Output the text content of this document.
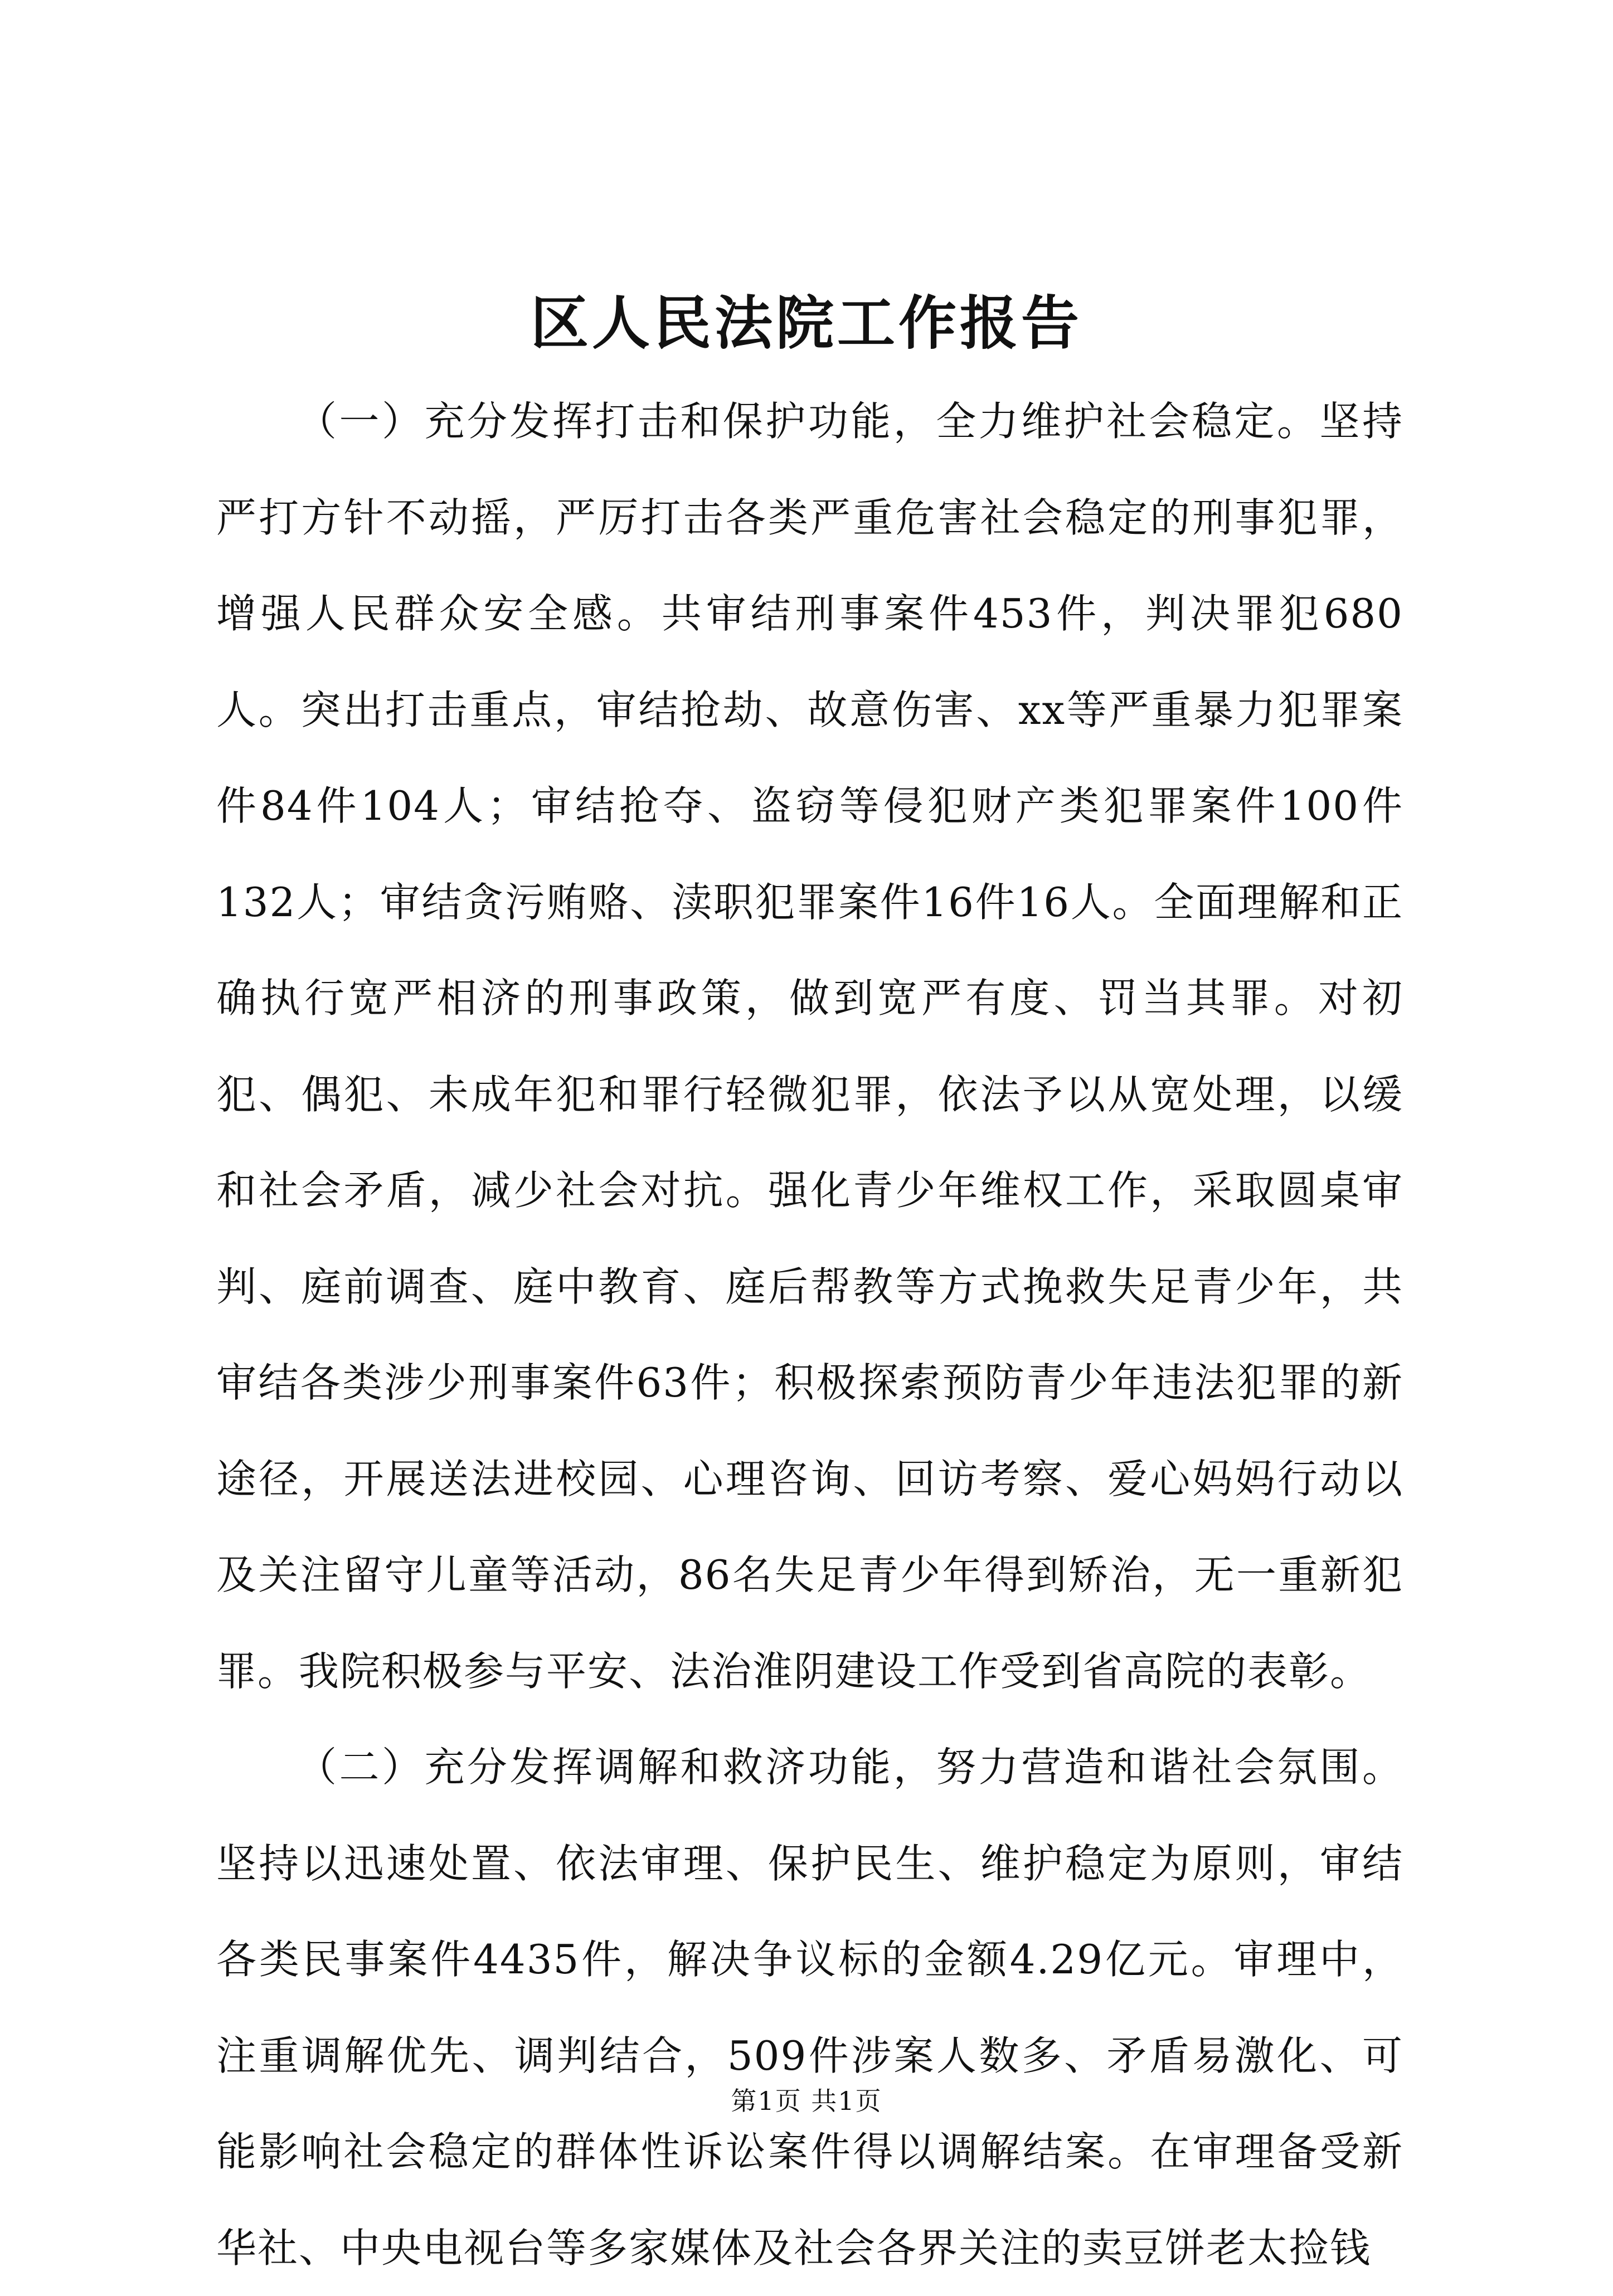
区人民法院工作报告

（一）充分发挥打击和保护功能，全力维护社会稳定。坚持严打方针不动摇，严厉打击各类严重危害社会稳定的刑事犯罪，增强人民群众安全感。共审结刑事案件453件，判决罪犯680人。突出打击重点，审结抢劫、故意伤害、xx等严重暴力犯罪案件84件104人；审结抢夺、盗窃等侵犯财产类犯罪案件100件132人；审结贪污贿赂、渎职犯罪案件16件16人。全面理解和正确执行宽严相济的刑事政策，做到宽严有度、罚当其罪。对初犯、偶犯、未成年犯和罪行轻微犯罪，依法予以从宽处理，以缓和社会矛盾，减少社会对抗。强化青少年维权工作，采取圆桌审判、庭前调查、庭中教育、庭后帮教等方式挽救失足青少年，共审结各类涉少刑事案件63件；积极探索预防青少年违法犯罪的新途径，开展送法进校园、心理咨询、回访考察、爱心妈妈行动以及关注留守儿童等活动，86名失足青少年得到矫治，无一重新犯罪。我院积极参与平安、法治淮阴建设工作受到省高院的表彰。

（二）充分发挥调解和救济功能，努力营造和谐社会氛围。坚持以迅速处置、依法审理、保护民生、维护稳定为原则，审结各类民事案件4435件，解决争议标的金额4.29亿元。审理中，注重调解优先、调判结合，509件涉案人数多、矛盾易激化、可能影响社会稳定的群体性诉讼案件得以调解结案。在审理备受新华社、中央电视台等多家媒体及社会各界关注的卖豆饼老太捡钱

第1页 共1页
